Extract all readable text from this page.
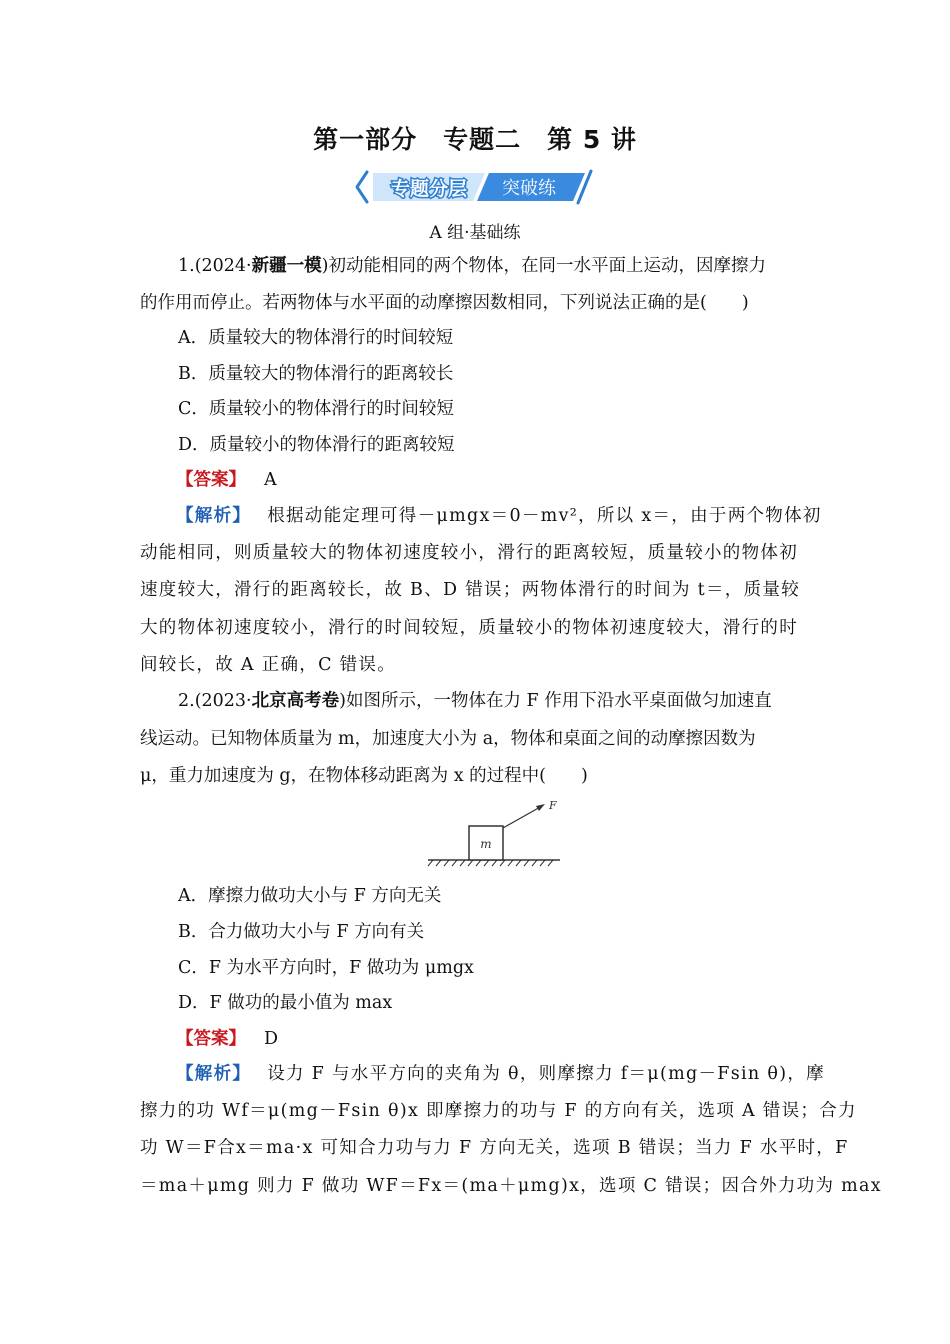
第一部分 专题二 第 5 讲
专题分层 突破练
A 组·基础练
1.(2024·新疆一模)初动能相同的两个物体，在同一水平面上运动，因摩擦力
的作用而停止。若两物体与水平面的动摩擦因数相同，下列说法正确的是(　　)
A．质量较大的物体滑行的时间较短
B．质量较大的物体滑行的距离较长
C．质量较小的物体滑行的时间较短
D．质量较小的物体滑行的距离较短
【答案】 A
【解析】 根据动能定理可得－μmgx＝0－mv²，所以 x＝，由于两个物体初
动能相同，则质量较大的物体初速度较小，滑行的距离较短，质量较小的物体初
速度较大，滑行的距离较长，故 B、D 错误；两物体滑行的时间为 t＝，质量较
大的物体初速度较小，滑行的时间较短，质量较小的物体初速度较大，滑行的时
间较长，故 A 正确，C 错误。
2.(2023·北京高考卷)如图所示，一物体在力 F 作用下沿水平桌面做匀加速直
线运动。已知物体质量为 m，加速度大小为 a，物体和桌面之间的动摩擦因数为
μ，重力加速度为 g，在物体移动距离为 x 的过程中(　　)
m
F
A．摩擦力做功大小与 F 方向无关
B．合力做功大小与 F 方向有关
C．F 为水平方向时，F 做功为 μmgx
D．F 做功的最小值为 max
【答案】 D
【解析】 设力 F 与水平方向的夹角为 θ，则摩擦力 f＝μ(mg－Fsin θ)，摩
擦力的功 Wf＝μ(mg－Fsin θ)x 即摩擦力的功与 F 的方向有关，选项 A 错误；合力
功 W＝F合x＝ma·x 可知合力功与力 F 方向无关，选项 B 错误；当力 F 水平时，F
＝ma＋μmg 则力 F 做功 WF＝Fx＝(ma＋μmg)x，选项 C 错误；因合外力功为 max
